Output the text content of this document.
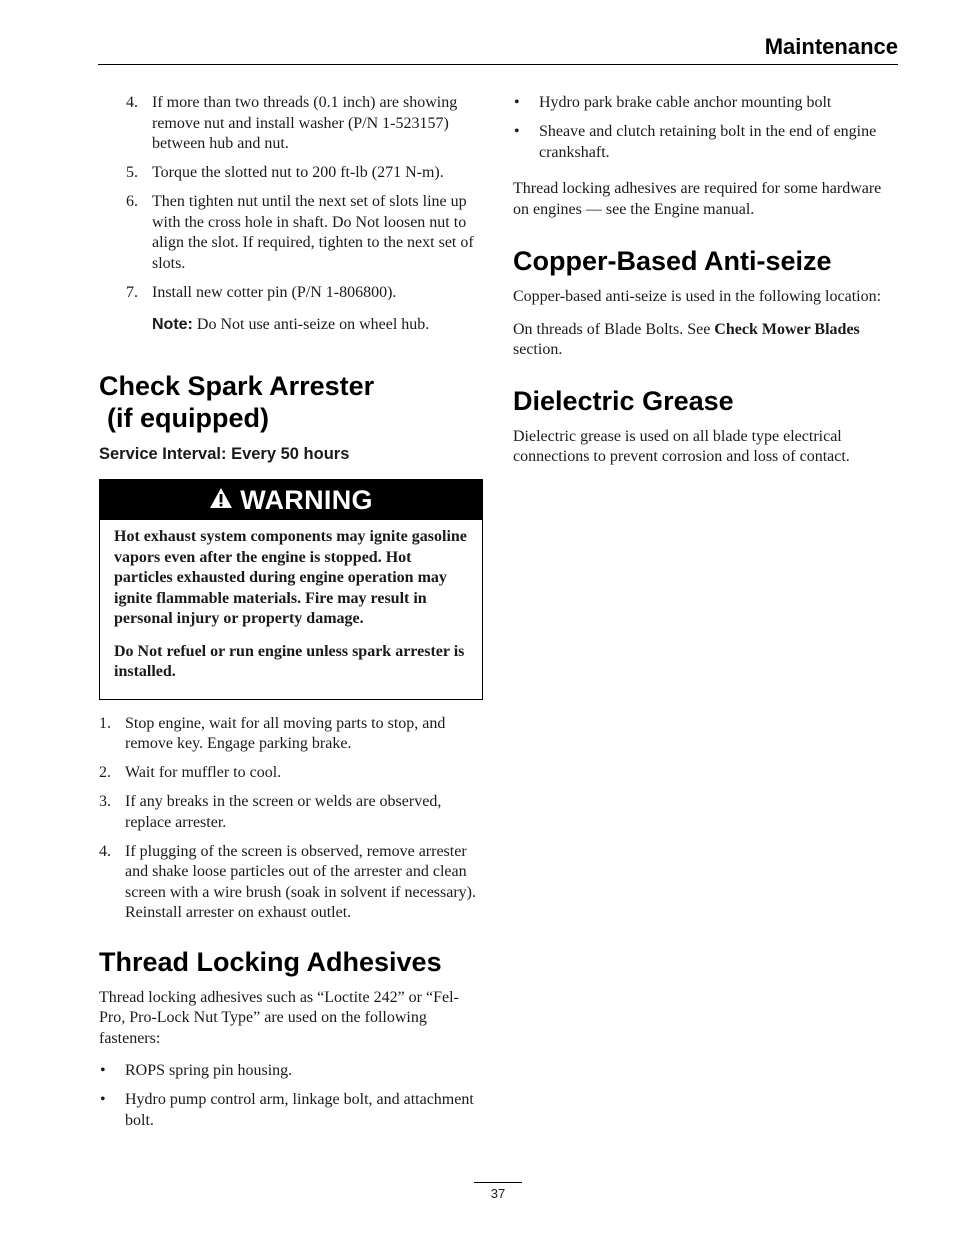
Maintenance
4. If more than two threads (0.1 inch) are showing remove nut and install washer (P/N 1-523157) between hub and nut.
5. Torque the slotted nut to 200 ft-lb (271 N-m).
6. Then tighten nut until the next set of slots line up with the cross hole in shaft. Do Not loosen nut to align the slot. If required, tighten to the next set of slots.
7. Install new cotter pin (P/N 1-806800).
Note: Do Not use anti-seize on wheel hub.
Check Spark Arrester
(if equipped)
Service Interval: Every 50 hours
WARNING

Hot exhaust system components may ignite gasoline vapors even after the engine is stopped. Hot particles exhausted during engine operation may ignite flammable materials. Fire may result in personal injury or property damage.

Do Not refuel or run engine unless spark arrester is installed.

1. Stop engine, wait for all moving parts to stop, and remove key. Engage parking brake.
2. Wait for muffler to cool.
3. If any breaks in the screen or welds are observed, replace arrester.
4. If plugging of the screen is observed, remove arrester and shake loose particles out of the arrester and clean screen with a wire brush (soak in solvent if necessary). Reinstall arrester on exhaust outlet.
Thread Locking Adhesives

Thread locking adhesives such as “Loctite 242” or “Fel-Pro, Pro-Lock Nut Type” are used on the following fasteners:

• ROPS spring pin housing.
• Hydro pump control arm, linkage bolt, and attachment bolt.
• Hydro park brake cable anchor mounting bolt
• Sheave and clutch retaining bolt in the end of engine crankshaft.

Thread locking adhesives are required for some hardware on engines — see the Engine manual.

Copper-Based Anti-seize

Copper-based anti-seize is used in the following location:

On threads of Blade Bolts. See Check Mower Blades section.

Dielectric Grease

Dielectric grease is used on all blade type electrical connections to prevent corrosion and loss of contact.

37
